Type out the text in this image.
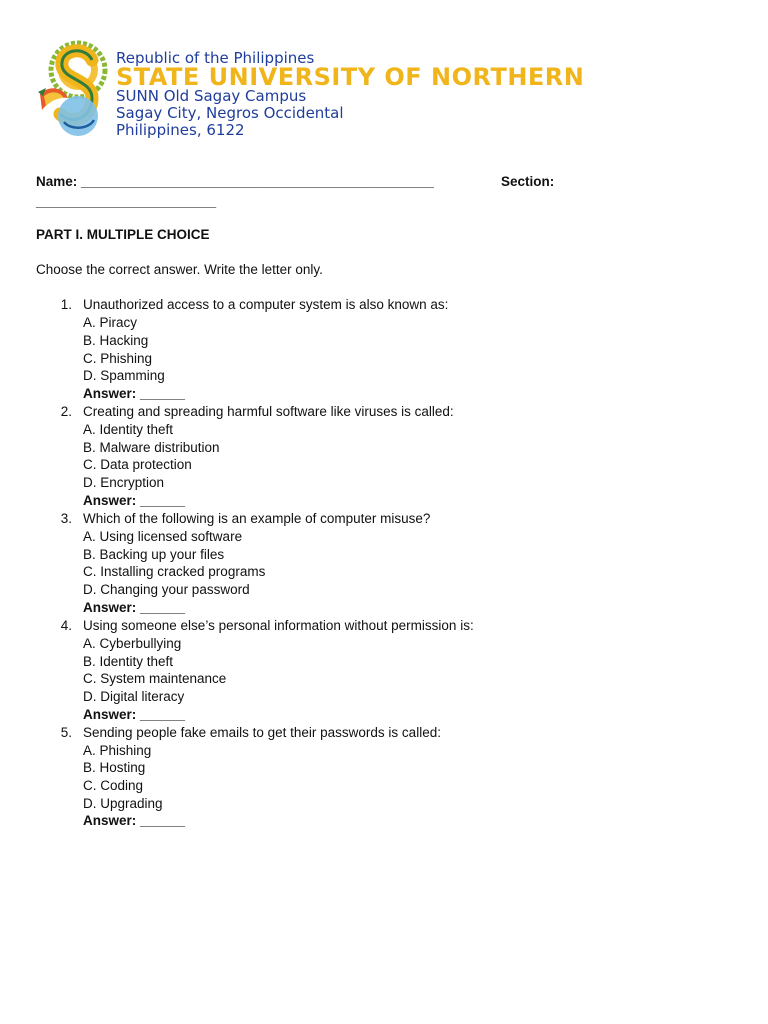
Republic of the Philippines

STATE UNIVERSITY OF NORTHERN

SUNN Old Sagay Campus

Sagay City, Negros Occidental

Philippines, 6122

Name: _______________________________________________	Section:

________________________

PART I. MULTIPLE CHOICE

Choose the correct answer. Write the letter only.

1. Unauthorized access to a computer system is also known as:

A. Piracy

B. Hacking

C. Phishing

D. Spamming

Answer: ______

2. Creating and spreading harmful software like viruses is called:

A. Identity theft

B. Malware distribution

C. Data protection

D. Encryption

Answer: ______

3. Which of the following is an example of computer misuse?

A. Using licensed software

B. Backing up your files

C. Installing cracked programs

D. Changing your password

Answer: ______

4. Using someone else’s personal information without permission is:

A. Cyberbullying

B. Identity theft

C. System maintenance

D. Digital literacy

Answer: ______

5. Sending people fake emails to get their passwords is called:

A. Phishing

B. Hosting

C. Coding

D. Upgrading

Answer: ______
